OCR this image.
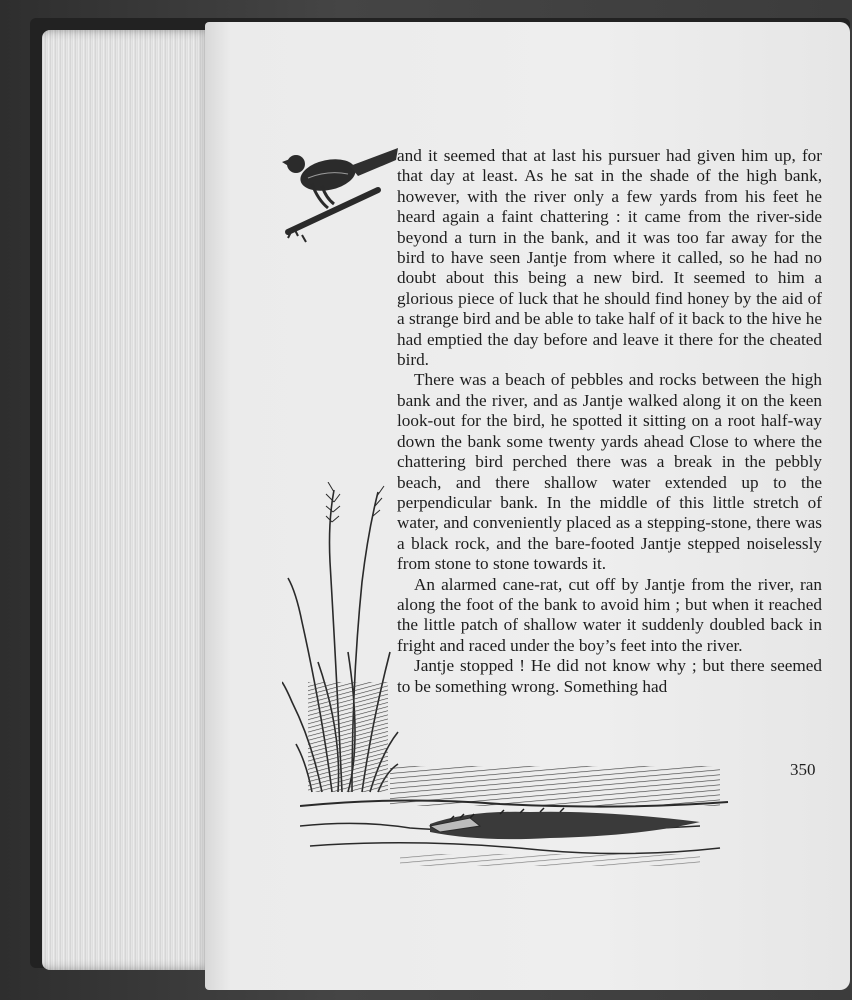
and it seemed that at last his pursuer had given him up, for that day at least. As he sat in the shade of the high bank, however, with the river only a few yards from his feet he heard again a faint chattering : it came from the river-side beyond a turn in the bank, and it was too far away for the bird to have seen Jantje from where it called, so he had no doubt about this being a new bird. It seemed to him a glorious piece of luck that he should find honey by the aid of a strange bird and be able to take half of it back to the hive he had emptied the day before and leave it there for the cheated bird.

There was a beach of pebbles and rocks between the high bank and the river, and as Jantje walked along it on the keen look-out for the bird, he spotted it sitting on a root half-way down the bank some twenty yards ahead Close to where the chattering bird perched there was a break in the pebbly beach, and there shallow water extended up to the perpendicular bank. In the middle of this little stretch of water, and conveniently placed as a stepping-stone, there was a black rock, and the bare-footed Jantje stepped noiselessly from stone to stone towards it.

An alarmed cane-rat, cut off by Jantje from the river, ran along the foot of the bank to avoid him ; but when it reached the little patch of shallow water it suddenly doubled back in fright and raced under the boy’s feet into the river.

Jantje stopped ! He did not know why ; but there seemed to be something wrong. Something had

350
